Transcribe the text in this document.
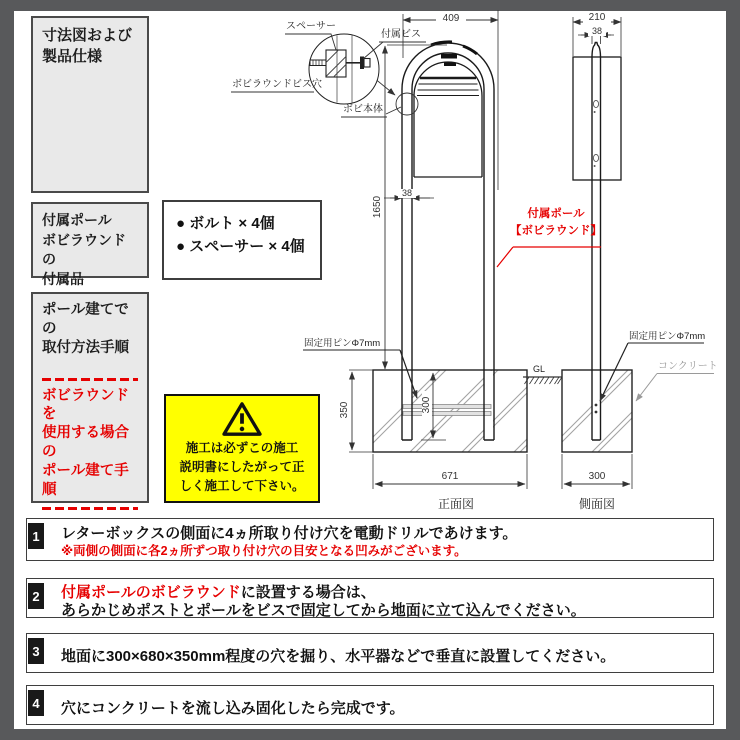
スペーサー
付属ビス
ボビラウンドビス穴
ボビ本体
409	210
38
38
1650
350	300
671	300
GL
固定用ピンΦ7mm
固定用ピンΦ7mm
コンクリート
正面図	側面図
付属ポール
【ボビラウンド】
寸法図および
製品仕様
付属ポール
ボビラウンドの
付属品
● ボルト × 4個
● スペーサー × 4個
ポール建てでの
取付方法手順
ボビラウンドを
使用する場合の
ポール建て手順
施工は必ずこの施工
説明書にしたがって正
しく施工して下さい。
1 レターボックスの側面に4ヵ所取り付け穴を電動ドリルであけます。
※両側の側面に各2ヵ所ずつ取り付け穴の目安となる凹みがございます。
2 付属ポールのボビラウンドに設置する場合は、
あらかじめポストとポールをビスで固定してから地面に立て込んでください。
3 地面に300×680×350mm程度の穴を掘り、水平器などで垂直に設置してください。
4 穴にコンクリートを流し込み固化したら完成です。
